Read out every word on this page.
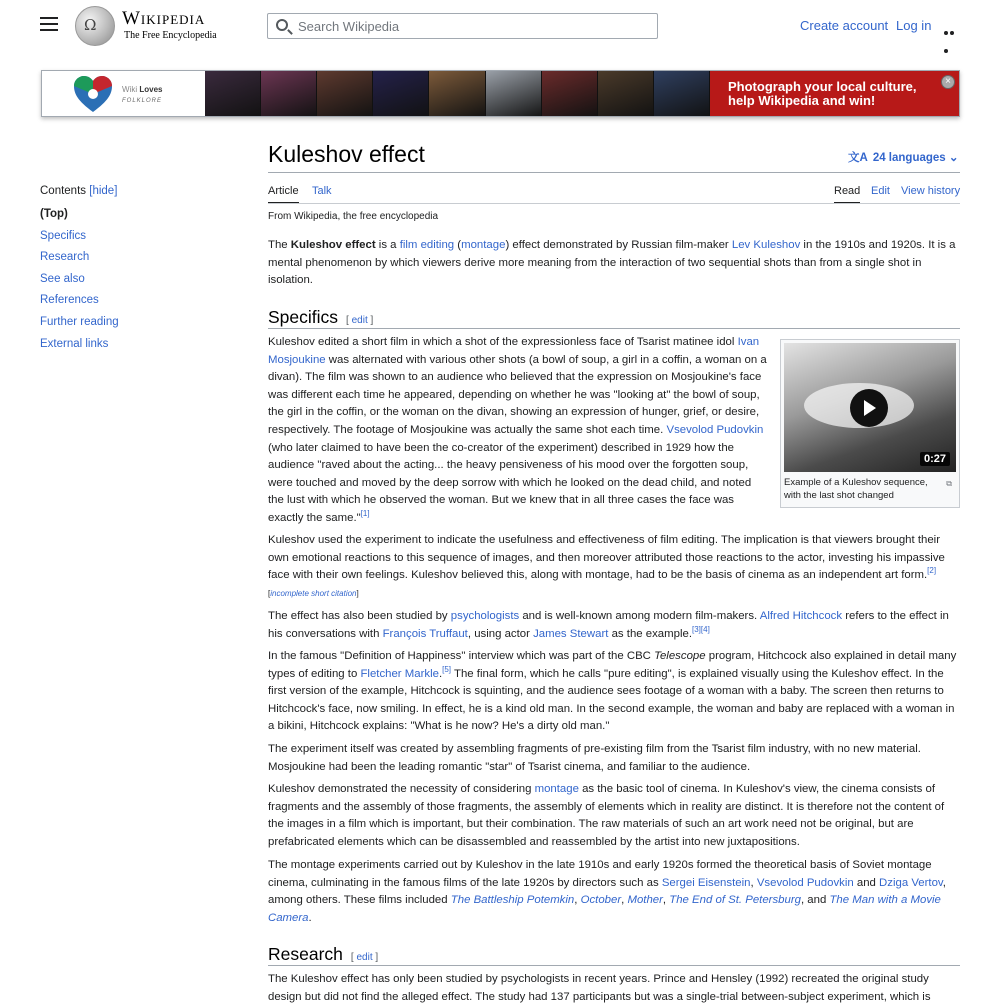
Ω Wikipedia
The Free Encyclopedia
Search Wikipedia
Create account Log in
Wiki Loves
FOLKLORE
Photograph your local culture,
help Wikipedia and win!
×
Kuleshov effect	文A 24 languages ⌄
Article Talk	Read Edit View history
Contents [hide]
(Top)
Specifics
Research
See also
References
Further reading
External links
From Wikipedia, the free encyclopedia

The Kuleshov effect is a film editing (montage) effect demonstrated by Russian film-maker Lev Kuleshov in the 1910s and 1920s. It is a mental phenomenon by which viewers derive more meaning from the interaction of two sequential shots than from a single shot in isolation.

Specifics [ edit ]
0:27
Example of a Kuleshov sequence, with the last shot changed
⧉

Kuleshov edited a short film in which a shot of the expressionless face of Tsarist matinee idol Ivan Mosjoukine was alternated with various other shots (a bowl of soup, a girl in a coffin, a woman on a divan). The film was shown to an audience who believed that the expression on Mosjoukine's face was different each time he appeared, depending on whether he was "looking at" the bowl of soup, the girl in the coffin, or the woman on the divan, showing an expression of hunger, grief, or desire, respectively. The footage of Mosjoukine was actually the same shot each time. Vsevolod Pudovkin (who later claimed to have been the co-creator of the experiment) described in 1929 how the audience "raved about the acting... the heavy pensiveness of his mood over the forgotten soup, were touched and moved by the deep sorrow with which he looked on the dead child, and noted the lust with which he observed the woman. But we knew that in all three cases the face was exactly the same."[1]

Kuleshov used the experiment to indicate the usefulness and effectiveness of film editing. The implication is that viewers brought their own emotional reactions to this sequence of images, and then moreover attributed those reactions to the actor, investing his impassive face with their own feelings. Kuleshov believed this, along with montage, had to be the basis of cinema as an independent art form.[2]
[incomplete short citation]

The effect has also been studied by psychologists and is well-known among modern film-makers. Alfred Hitchcock refers to the effect in his conversations with François Truffaut, using actor James Stewart as the example.[3][4]

In the famous "Definition of Happiness" interview which was part of the CBC Telescope program, Hitchcock also explained in detail many types of editing to Fletcher Markle.[5] The final form, which he calls "pure editing", is explained visually using the Kuleshov effect. In the first version of the example, Hitchcock is squinting, and the audience sees footage of a woman with a baby. The screen then returns to Hitchcock's face, now smiling. In effect, he is a kind old man. In the second example, the woman and baby are replaced with a woman in a bikini, Hitchcock explains: "What is he now? He's a dirty old man."

The experiment itself was created by assembling fragments of pre-existing film from the Tsarist film industry, with no new material. Mosjoukine had been the leading romantic "star" of Tsarist cinema, and familiar to the audience.

Kuleshov demonstrated the necessity of considering montage as the basic tool of cinema. In Kuleshov's view, the cinema consists of fragments and the assembly of those fragments, the assembly of elements which in reality are distinct. It is therefore not the content of the images in a film which is important, but their combination. The raw materials of such an art work need not be original, but are prefabricated elements which can be disassembled and reassembled by the artist into new juxtapositions.

The montage experiments carried out by Kuleshov in the late 1910s and early 1920s formed the theoretical basis of Soviet montage cinema, culminating in the famous films of the late 1920s by directors such as Sergei Eisenstein, Vsevolod Pudovkin and Dziga Vertov, among others. These films included The Battleship Potemkin, October, Mother, The End of St. Petersburg, and The Man with a Movie Camera.

Research [ edit ]

The Kuleshov effect has only been studied by psychologists in recent years. Prince and Hensley (1992) recreated the original study design but did not find the alleged effect. The study had 137 participants but was a single-trial between-subject experiment, which is
